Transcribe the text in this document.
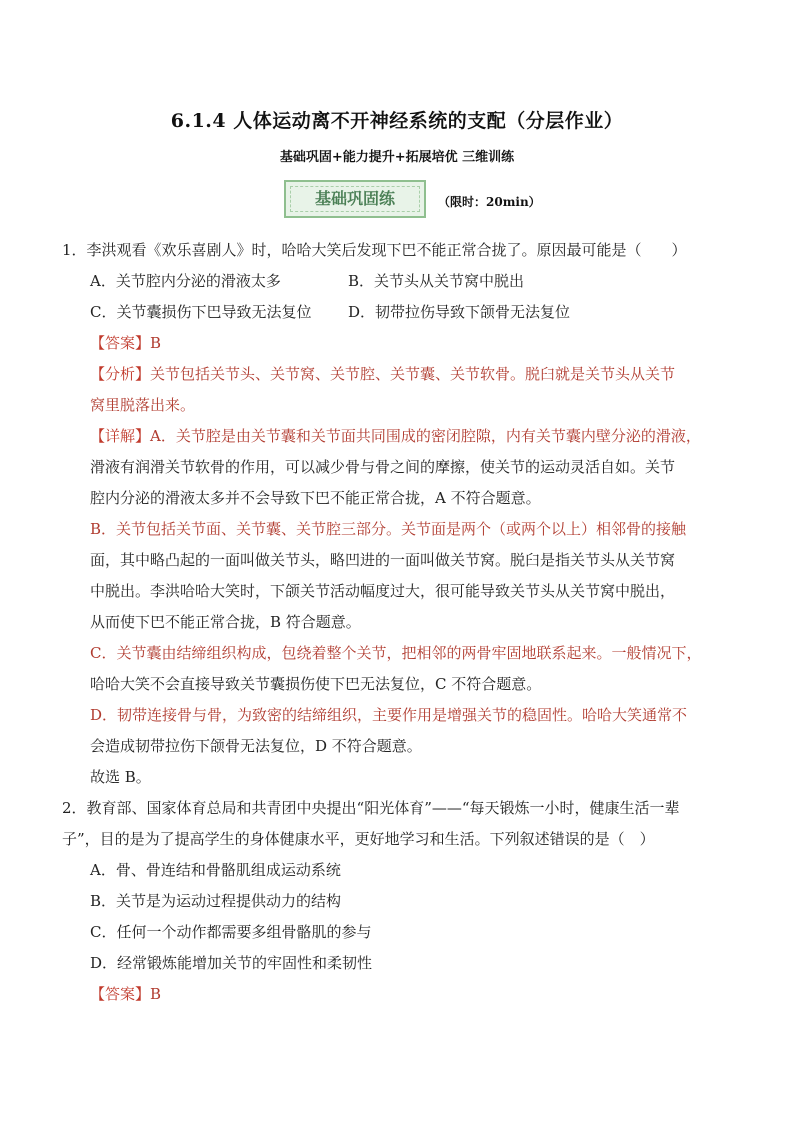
6.1.4 人体运动离不开神经系统的支配（分层作业）
基础巩固+能力提升+拓展培优 三维训练
基础巩固练	（限时：20min）
1．李洪观看《欢乐喜剧人》时，哈哈大笑后发现下巴不能正常合拢了。原因最可能是（　　）
A．关节腔内分泌的滑液太多	B．关节头从关节窝中脱出
C．关节囊损伤下巴导致无法复位	D．韧带拉伤导致下颌骨无法复位
【答案】B
【分析】关节包括关节头、关节窝、关节腔、关节囊、关节软骨。脱臼就是关节头从关节
窝里脱落出来。
【详解】A．关节腔是由关节囊和关节面共同围成的密闭腔隙，内有关节囊内壁分泌的滑液，
滑液有润滑关节软骨的作用，可以减少骨与骨之间的摩擦，使关节的运动灵活自如。关节
腔内分泌的滑液太多并不会导致下巴不能正常合拢，A 不符合题意。
B．关节包括关节面、关节囊、关节腔三部分。关节面是两个（或两个以上）相邻骨的接触
面，其中略凸起的一面叫做关节头，略凹进的一面叫做关节窝。脱臼是指关节头从关节窝
中脱出。李洪哈哈大笑时，下颌关节活动幅度过大，很可能导致关节头从关节窝中脱出，
从而使下巴不能正常合拢，B 符合题意。
C．关节囊由结缔组织构成，包绕着整个关节，把相邻的两骨牢固地联系起来。一般情况下，
哈哈大笑不会直接导致关节囊损伤使下巴无法复位，C 不符合题意。
D．韧带连接骨与骨，为致密的结缔组织，主要作用是增强关节的稳固性。哈哈大笑通常不
会造成韧带拉伤下颌骨无法复位，D 不符合题意。
故选 B。
2．教育部、国家体育总局和共青团中央提出“阳光体育”——“每天锻炼一小时，健康生活一辈
子”，目的是为了提高学生的身体健康水平，更好地学习和生活。下列叙述错误的是（　）
A．骨、骨连结和骨骼肌组成运动系统
B．关节是为运动过程提供动力的结构
C．任何一个动作都需要多组骨骼肌的参与
D．经常锻炼能增加关节的牢固性和柔韧性
【答案】B
